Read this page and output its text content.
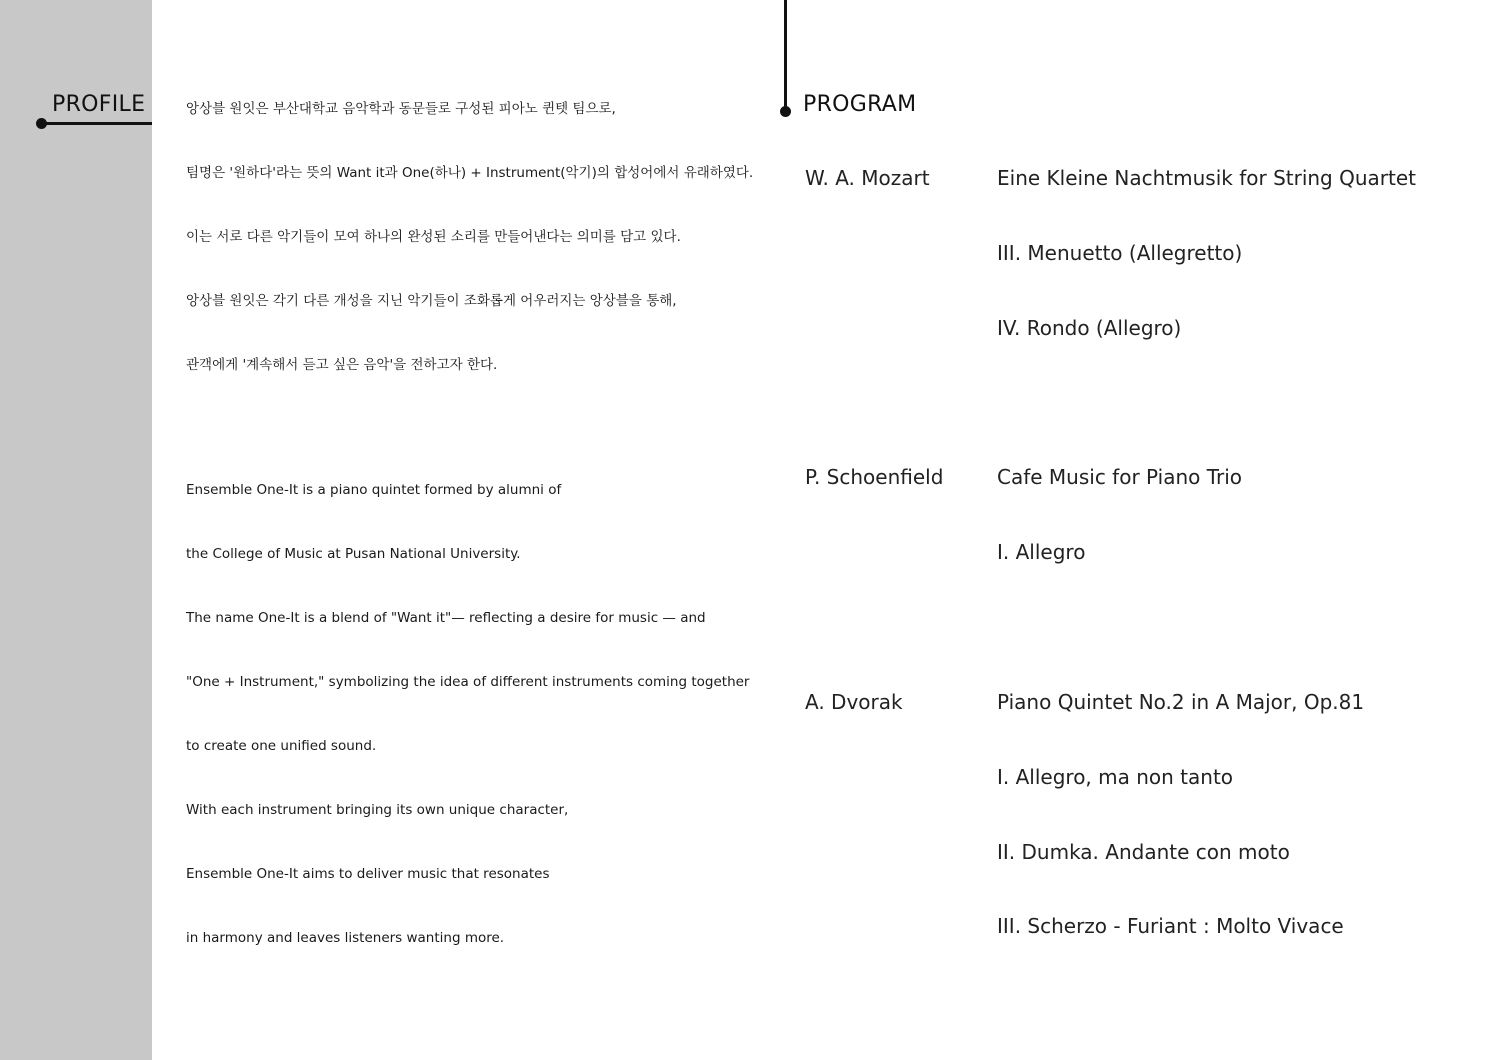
PROFILE	PROGRAM
앙상블 원잇은 부산대학교 음악학과 동문들로 구성된 피아노 퀸텟 팀으로,
팀명은 '원하다'라는 뜻의 Want it과 One(하나) + Instrument(악기)의 합성어에서 유래하였다.
이는 서로 다른 악기들이 모여 하나의 완성된 소리를 만들어낸다는 의미를 담고 있다.
앙상블 원잇은 각기 다른 개성을 지닌 악기들이 조화롭게 어우러지는 앙상블을 통해,
관객에게 '계속해서 듣고 싶은 음악'을 전하고자 한다.
Ensemble One-It is a piano quintet formed by alumni of
the College of Music at Pusan National University.
The name One-It is a blend of "Want it"— reflecting a desire for music — and
"One + Instrument," symbolizing the idea of different instruments coming together
to create one unified sound.
With each instrument bringing its own unique character,
Ensemble One-It aims to deliver music that resonates
in harmony and leaves listeners wanting more.
W. A. Mozart	Eine Kleine Nachtmusik for String Quartet
III. Menuetto (Allegretto)
IV. Rondo (Allegro)
P. Schoenfield	Cafe Music for Piano Trio
I. Allegro
A. Dvorak	Piano Quintet No.2 in A Major, Op.81
I. Allegro, ma non tanto
II. Dumka. Andante con moto
III. Scherzo - Furiant : Molto Vivace
